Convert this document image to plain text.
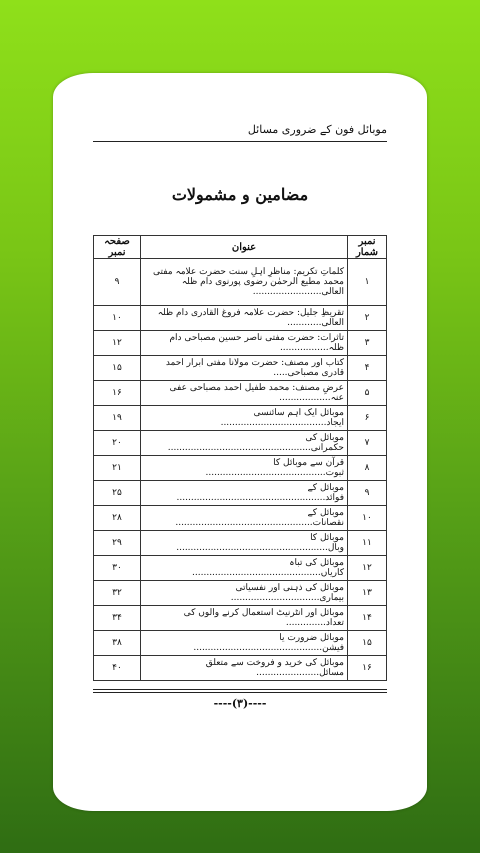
موبائل فون کے ضروری مسائل
مضامین و مشمولات
نمبر شمار	عنوان	صفحہ نمبر
۱	کلماتِ تکریم: مناظرِ اہلِ سنت حضرت علامہ مفتی محمد مطیع الرحمٰن رضوی پورنوی دام ظلہ العالی........................	۹
۲	تقریظِ جلیل: حضرت علامہ فروغ القادری دام ظلہ العالی............	۱۰
۳	تاثرات: حضرت مفتی ناصر حسین مصباحی دام ظلہ.................	۱۲
۴	کتاب اور مصنف: حضرت مولانا مفتی ابرار احمد قادری مصباحی.....	۱۵
۵	عرضِ مصنف: محمد طفیل احمد مصباحی عفی عنہ..................	۱۶
۶	موبائل ایک اہم سائنسی ایجاد.....................................	۱۹
۷	موبائل کی حکمرانی..................................................	۲۰
۸	قرآن سے موبائل کا ثبوت..........................................	۲۱
۹	موبائل کے فوائد....................................................	۲۵
۱۰	موبائل کے نقصانات................................................	۲۸
۱۱	موبائل کا وبال.....................................................	۲۹
۱۲	موبائل کی تباہ کاریاں.............................................	۳۰
۱۳	موبائل کی ذہنی اور نفسیاتی بیماری...............................	۳۲
۱۴	موبائل اور انٹرنیٹ استعمال کرنے والوں کی تعداد..............	۳۴
۱۵	موبائل ضرورت یا فیشن.............................................	۳۸
۱۶	موبائل کی خرید و فروخت سے متعلق مسائل......................	۴۰
----(۳)----
